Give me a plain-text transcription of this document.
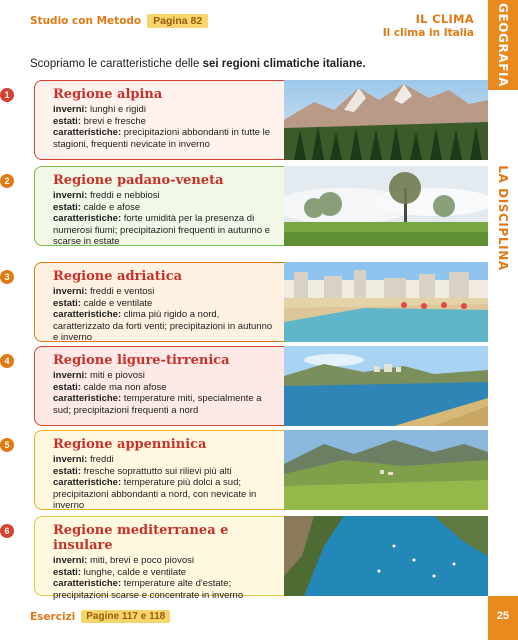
Studio con Metodo	Pagina 82	IL CLIMA
Il clima in Italia GEOGRAFIA
LA DISCIPLINA

Scopriamo le caratteristiche delle sei regioni climatiche italiane.

1	Regione alpina
inverni: lunghi e rigidi
estati: brevi e fresche
caratteristiche: precipitazioni abbondanti in tutte le stagioni, frequenti nevicate in inverno
2	Regione padano-veneta
inverni: freddi e nebbiosi
estati: calde e afose
caratteristiche: forte umidità per la presenza di numerosi fiumi; precipitazioni frequenti in autunno e scarse in estate
3	Regione adriatica
inverni: freddi e ventosi
estati: calde e ventilate
caratteristiche: clima più rigido a nord, caratterizzato da forti venti; precipitazioni in autunno e inverno
4	Regione ligure-tirrenica
inverni: miti e piovosi
estati: calde ma non afose
caratteristiche: temperature miti, specialmente a sud; precipitazioni frequenti a nord
5	Regione appenninica
inverni: freddi
estati: fresche soprattutto sui rilievi più alti
caratteristiche: temperature più dolci a sud; precipitazioni abbondanti a nord, con nevicate in inverno
6	Regione mediterranea e insulare
inverni: miti, brevi e poco piovosi
estati: lunghe, calde e ventilate
caratteristiche: temperature alte d'estate; precipitazioni scarse e concentrate in inverno
Esercizi	Pagine 117 e 118	25
